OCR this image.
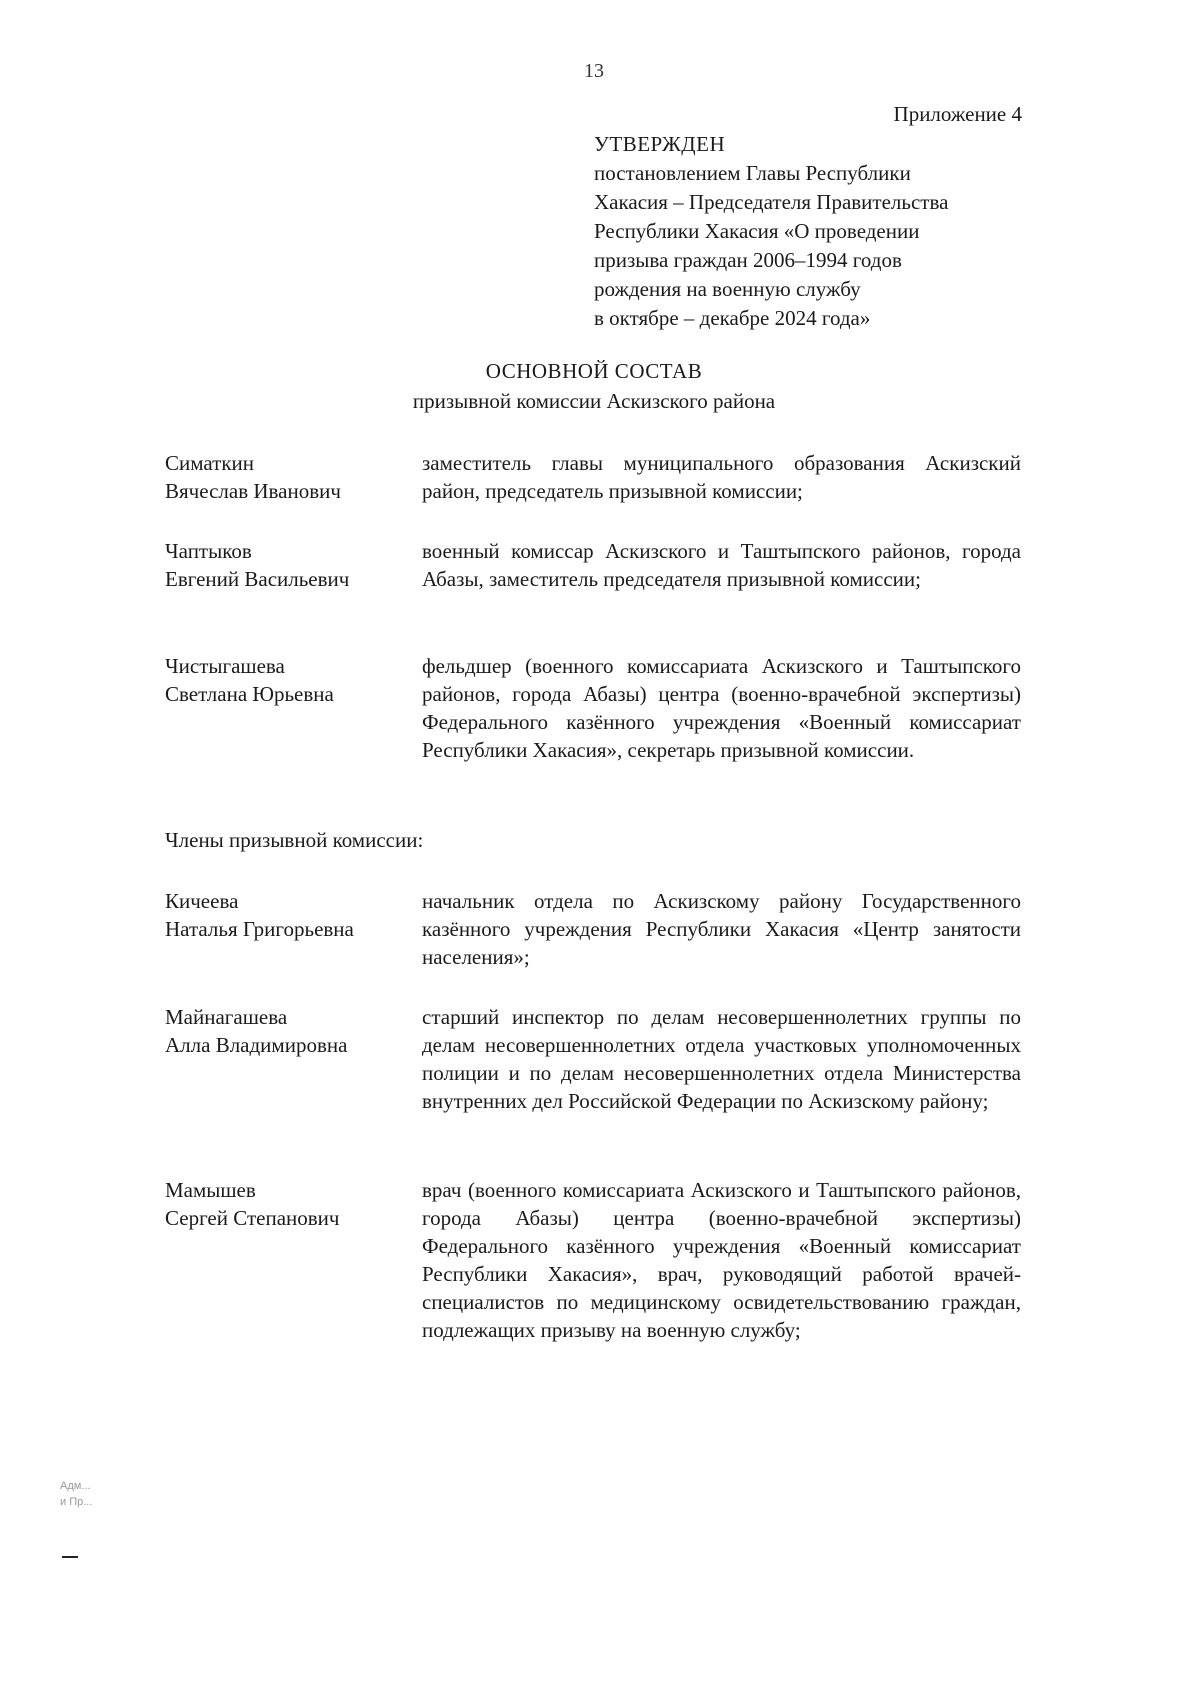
13
Приложение 4
УТВЕРЖДЕН
постановлением Главы Республики
Хакасия – Председателя Правительства
Республики Хакасия «О проведении
призыва граждан 2006–1994 годов
рождения на военную службу
в октябре – декабре 2024 года»
ОСНОВНОЙ СОСТАВ
призывной комиссии Аскизского района
Симаткин
Вячеслав Иванович
заместитель главы муниципального образования Аскизский район, председатель призывной комиссии;
Чаптыков
Евгений Васильевич
военный комиссар Аскизского и Таштыпского районов, города Абазы, заместитель председателя призывной комиссии;
Чистыгашева
Светлана Юрьевна
фельдшер (военного комиссариата Аскизского и Таштыпского районов, города Абазы) центра (военно-врачебной экспертизы) Федерального казённого учреждения «Военный комиссариат Республики Хакасия», секретарь призывной комиссии.
Кичеева
Наталья Григорьевна
начальник отдела по Аскизскому району Государственного казённого учреждения Республики Хакасия «Центр занятости населения»;
Майнагашева
Алла Владимировна
старший инспектор по делам несовершеннолетних группы по делам несовершеннолетних отдела участковых уполномоченных полиции и по делам несовершеннолетних отдела Министерства внутренних дел Российской Федерации по Аскизскому району;
Мамышев
Сергей Степанович
врач (военного комиссариата Аскизского и Таштыпского районов, города Абазы) центра (военно-врачебной экспертизы) Федерального казённого учреждения «Военный комиссариат Республики Хакасия», врач, руководящий работой врачей-специалистов по медицинскому освидетельствованию граждан, подлежащих призыву на военную службу;
Члены призывной комиссии:
Адм...
и Пр...
